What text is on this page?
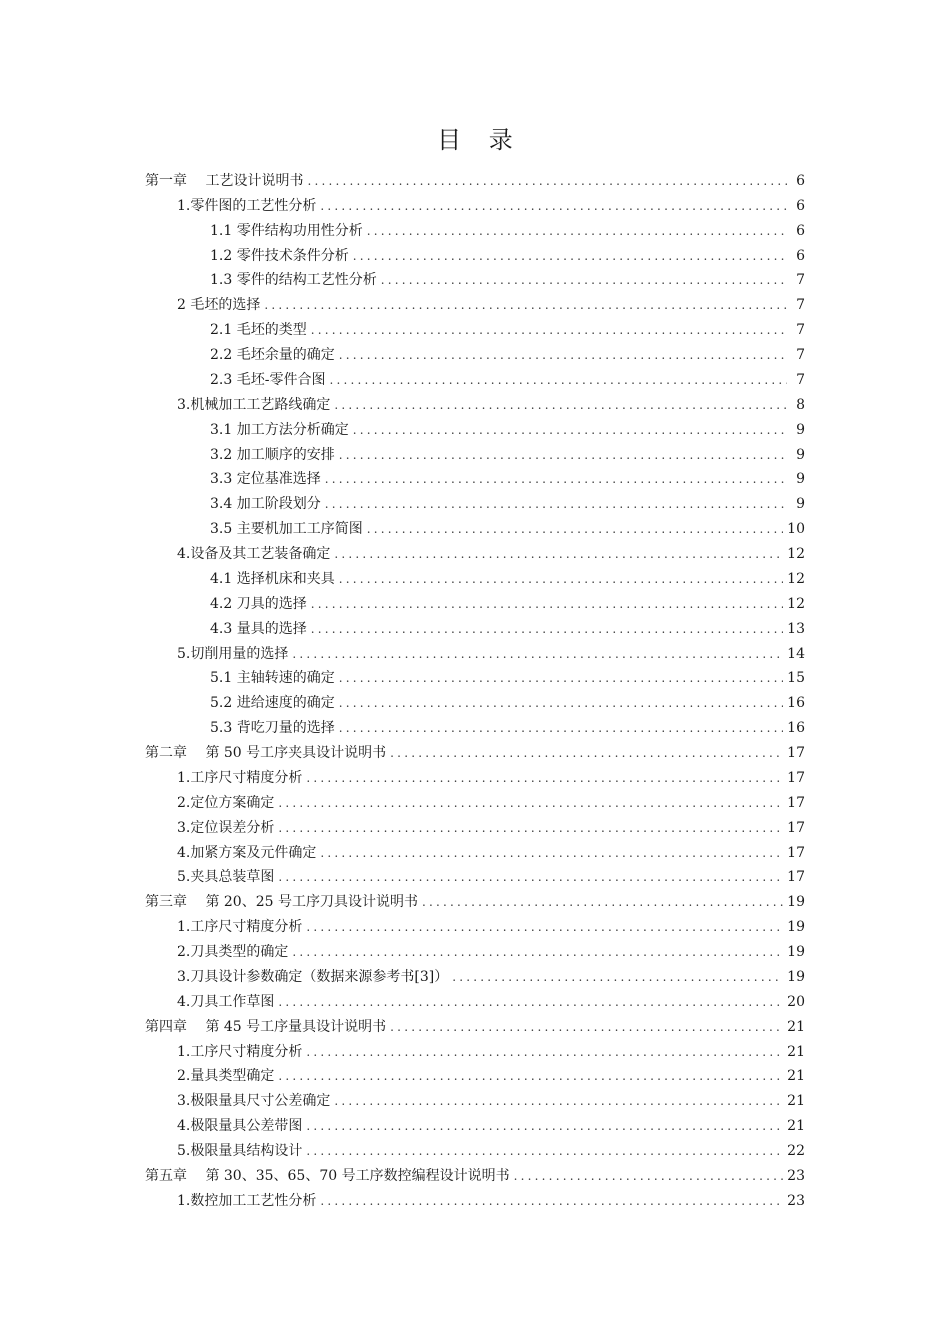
目 录
第一章　 工艺设计说明书 .....	6
1.零件图的工艺性分析 .....	6
1.1 零件结构功用性分析 .....	6
1.2 零件技术条件分析 .....	6
1.3 零件的结构工艺性分析 .....	7
2 毛坯的选择 .....	7
2.1 毛坯的类型 .....	7
2.2 毛坯余量的确定 .....	7
2.3 毛坯-零件合图 .....	7
3.机械加工工艺路线确定 .....	8
3.1 加工方法分析确定 .....	9
3.2 加工顺序的安排 .....	9
3.3 定位基准选择 .....	9
3.4 加工阶段划分 .....	9
3.5 主要机加工工序简图 .....	10
4.设备及其工艺装备确定 .....	12
4.1 选择机床和夹具 .....	12
4.2 刀具的选择 .....	12
4.3 量具的选择 .....	13
5.切削用量的选择 .....	14
5.1 主轴转速的确定 .....	15
5.2 进给速度的确定 .....	16
5.3 背吃刀量的选择 .....	16
第二章　 第 50 号工序夹具设计说明书 .....	17
1.工序尺寸精度分析 .....	17
2.定位方案确定 .....	17
3.定位误差分析 .....	17
4.加紧方案及元件确定 .....	17
5.夹具总装草图 .....	17
第三章　 第 20、25 号工序刀具设计说明书 .....	19
1.工序尺寸精度分析 .....	19
2.刀具类型的确定 .....	19
3.刀具设计参数确定（数据来源参考书[3]） .....	19
4.刀具工作草图 .....	20
第四章　 第 45 号工序量具设计说明书 .....	21
1.工序尺寸精度分析 .....	21
2.量具类型确定 .....	21
3.极限量具尺寸公差确定 .....	21
4.极限量具公差带图 .....	21
5.极限量具结构设计 .....	22
第五章　 第 30、35、65、70 号工序数控编程设计说明书 .....	23
1.数控加工工艺性分析 .....	23
